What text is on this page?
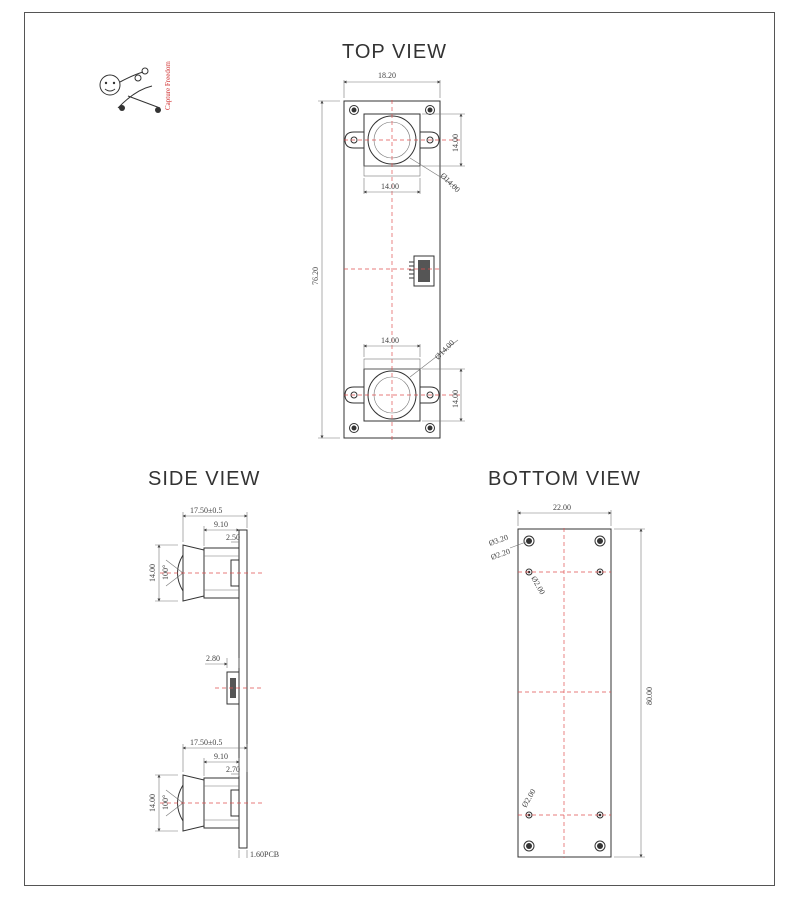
Capture Freedom
TOP VIEW
18.20
76.20
14.00
14.00	Ø14.00
14.00	Ø14.00
14.00
SIDE VIEW
17.50±0.5
9.10
2.50
14.00 100°
2.80
17.50±0.5
9.10
2.70
14.00 100°
1.60PCB
BOTTOM VIEW
22.00
Ø3.20
Ø2.20
Ø2.00
Ø2.00
80.00
